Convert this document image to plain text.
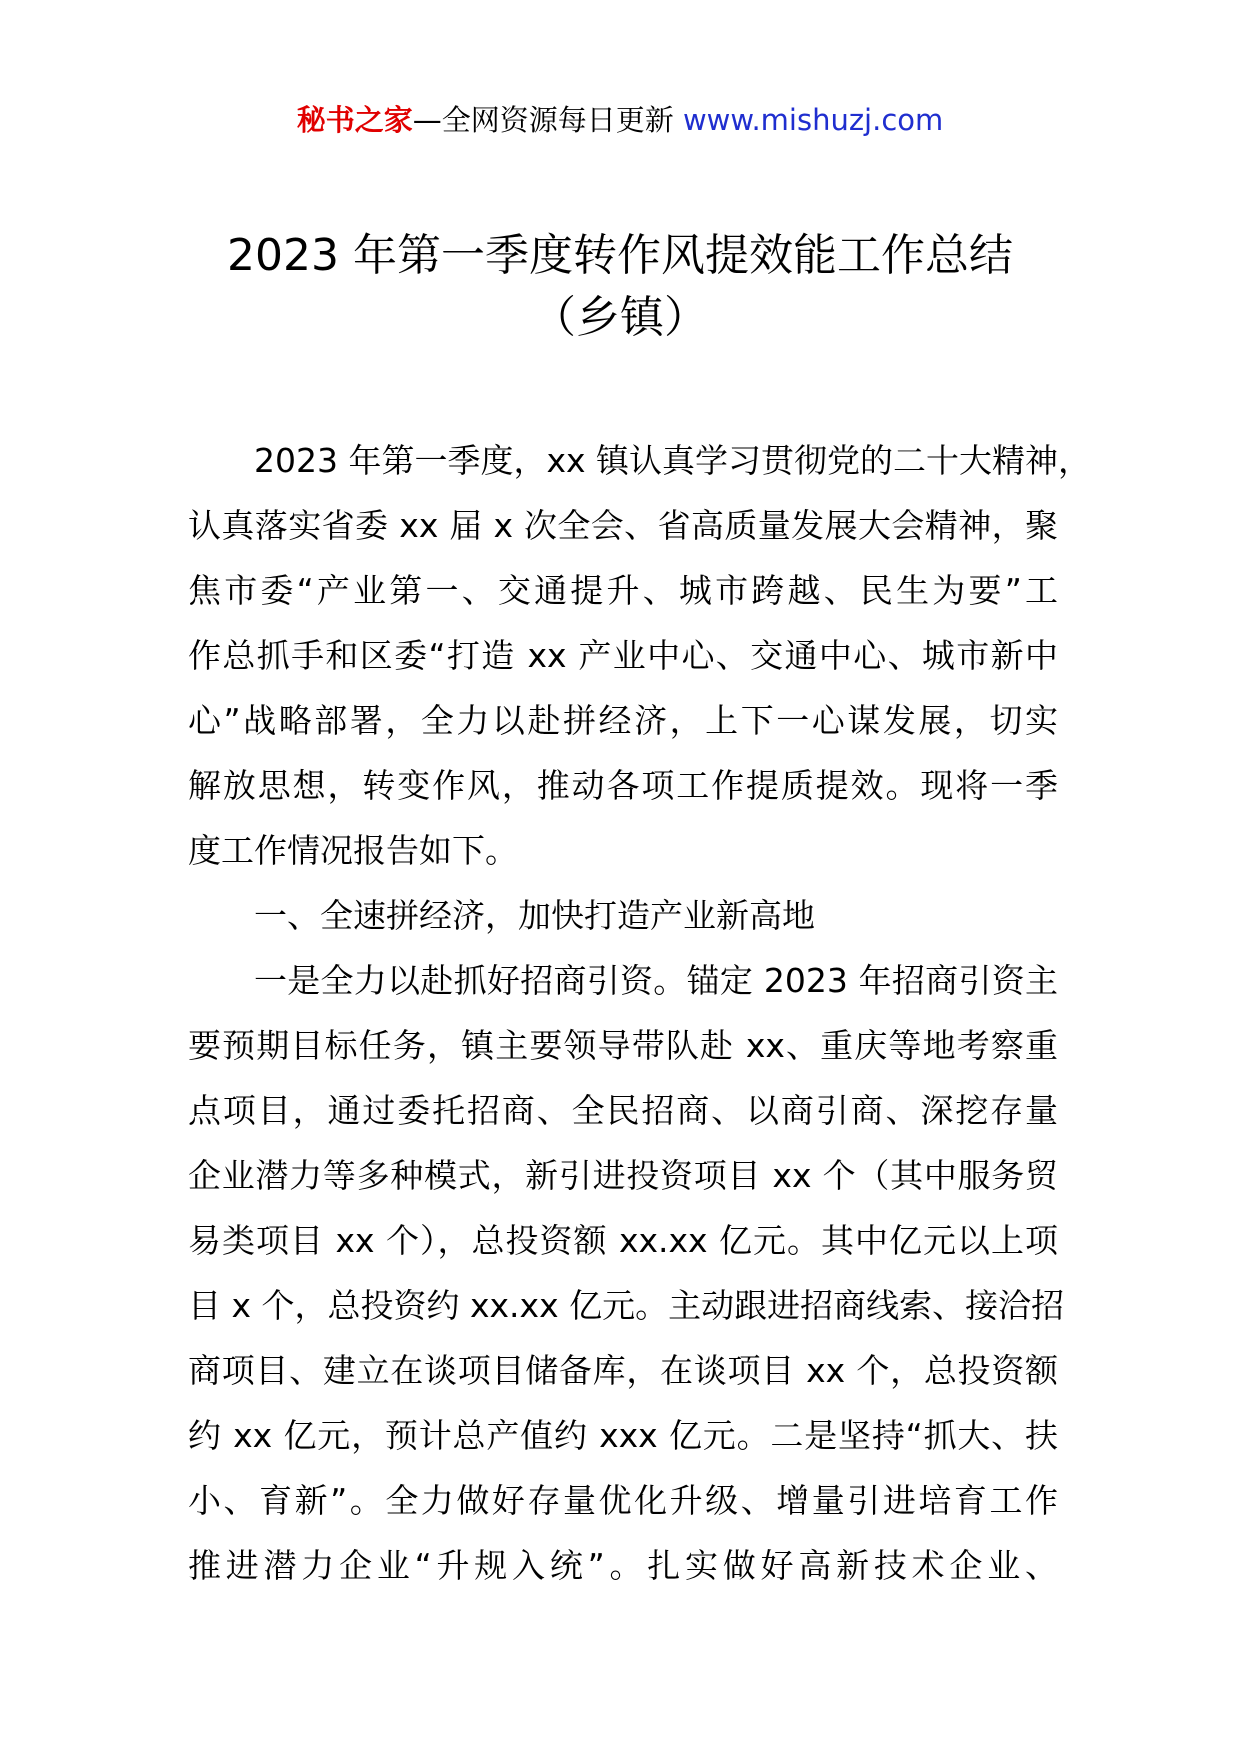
秘书之家—全网资源每日更新 www.mishuzj.com
2023 年第一季度转作风提效能工作总结
（乡镇）
2023 年第一季度，xx 镇认真学习贯彻党的二十大精神，
认真落实省委 xx 届 x 次全会、省高质量发展大会精神，聚
焦市委“产业第一、交通提升、城市跨越、民生为要”工
作总抓手和区委“打造 xx 产业中心、交通中心、城市新中
心”战略部署，全力以赴拼经济，上下一心谋发展，切实
解放思想，转变作风，推动各项工作提质提效。现将一季
度工作情况报告如下。
一、全速拼经济，加快打造产业新高地
一是全力以赴抓好招商引资。锚定 2023 年招商引资主
要预期目标任务，镇主要领导带队赴 xx、重庆等地考察重
点项目，通过委托招商、全民招商、以商引商、深挖存量
企业潜力等多种模式，新引进投资项目 xx 个（其中服务贸
易类项目 xx 个），总投资额 xx.xx 亿元。其中亿元以上项
目 x 个，总投资约 xx.xx 亿元。主动跟进招商线索、接洽招
商项目、建立在谈项目储备库，在谈项目 xx 个，总投资额
约 xx 亿元，预计总产值约 xxx 亿元。二是坚持“抓大、扶
小、育新”。全力做好存量优化升级、增量引进培育工作
推进潜力企业“升规入统”。扎实做好高新技术企业、
